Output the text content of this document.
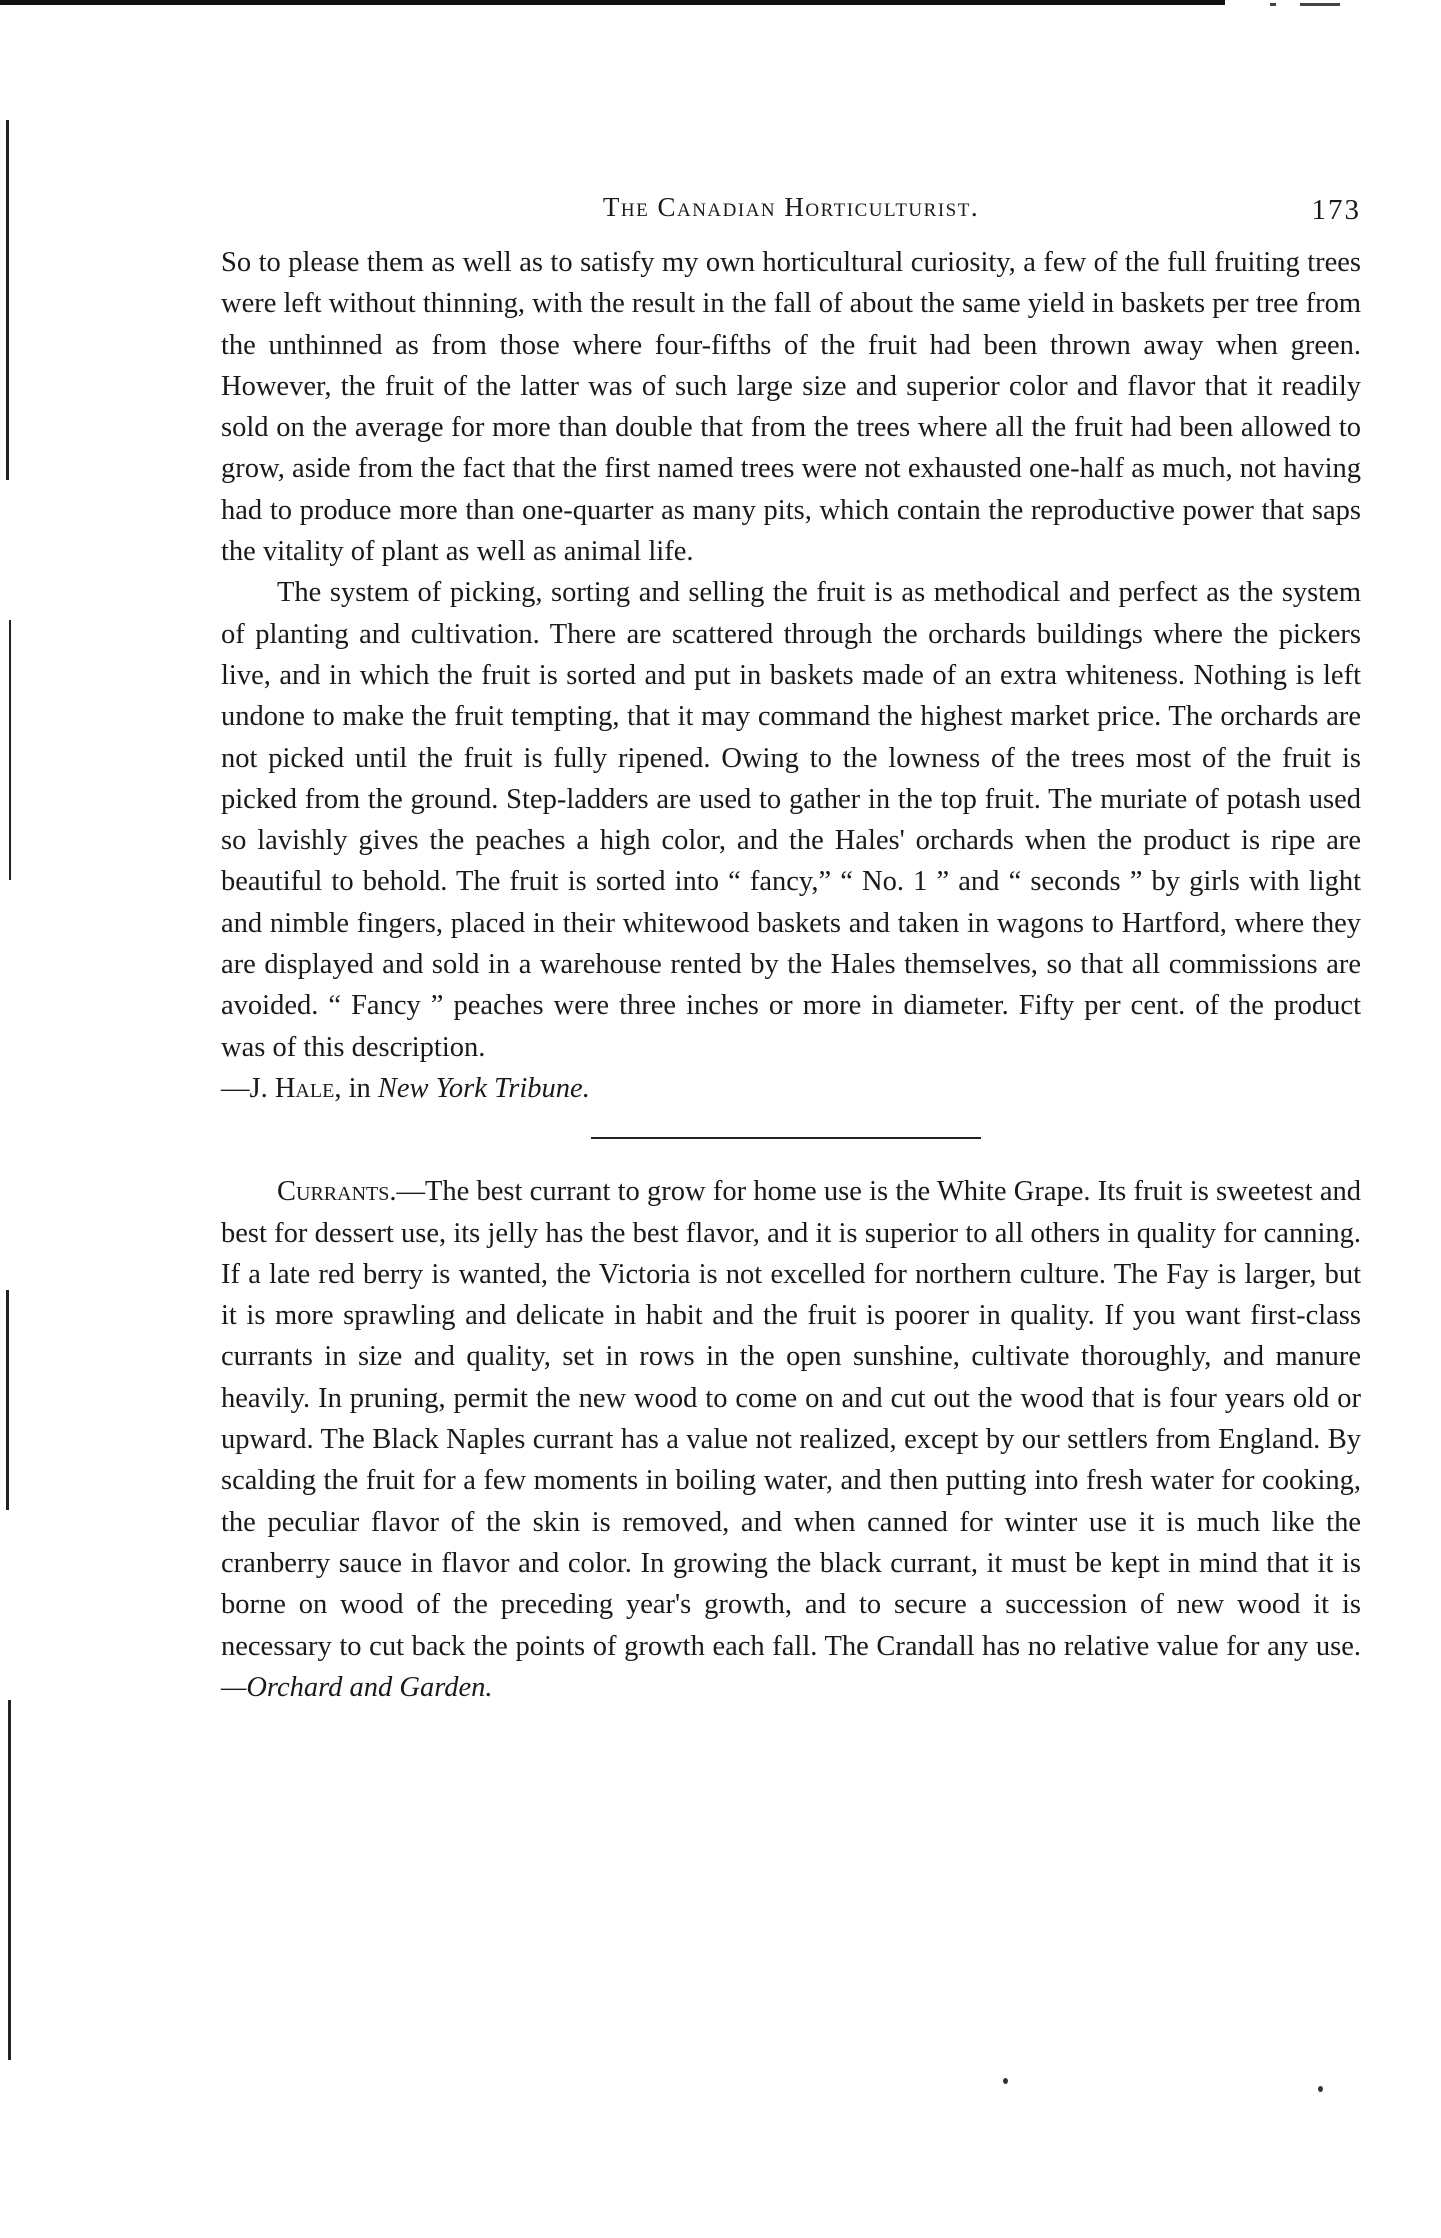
The Canadian Horticulturist.	173

So to please them as well as to satisfy my own horticultural curiosity, a few of the full fruiting trees were left without thinning, with the result in the fall of about the same yield in baskets per tree from the unthinned as from those where four-fifths of the fruit had been thrown away when green. However, the fruit of the latter was of such large size and superior color and flavor that it readily sold on the average for more than double that from the trees where all the fruit had been allowed to grow, aside from the fact that the first named trees were not exhausted one-half as much, not having had to produce more than one-quarter as many pits, which contain the reproductive power that saps the vitality of plant as well as animal life.

The system of picking, sorting and selling the fruit is as methodical and perfect as the system of planting and cultivation. There are scattered through the orchards buildings where the pickers live, and in which the fruit is sorted and put in baskets made of an extra whiteness. Nothing is left undone to make the fruit tempting, that it may command the highest market price. The orchards are not picked until the fruit is fully ripened. Owing to the lowness of the trees most of the fruit is picked from the ground. Step-ladders are used to gather in the top fruit. The muriate of potash used so lavishly gives the peaches a high color, and the Hales' orchards when the product is ripe are beautiful to behold. The fruit is sorted into “ fancy,” “ No. 1 ” and “ seconds ” by girls with light and nimble fingers, placed in their whitewood baskets and taken in wagons to Hartford, where they are displayed and sold in a warehouse rented by the Hales themselves, so that all commissions are avoided. “ Fancy ” peaches were three inches or more in diameter. Fifty per cent. of the product was of this description.
—J. Hale, in New York Tribune.

Currants.—The best currant to grow for home use is the White Grape. Its fruit is sweetest and best for dessert use, its jelly has the best flavor, and it is superior to all others in quality for canning. If a late red berry is wanted, the Victoria is not excelled for northern culture. The Fay is larger, but it is more sprawling and delicate in habit and the fruit is poorer in quality. If you want first-class currants in size and quality, set in rows in the open sunshine, cultivate thoroughly, and manure heavily. In pruning, permit the new wood to come on and cut out the wood that is four years old or upward. The Black Naples currant has a value not realized, except by our settlers from England. By scalding the fruit for a few moments in boiling water, and then putting into fresh water for cooking, the peculiar flavor of the skin is removed, and when canned for winter use it is much like the cranberry sauce in flavor and color. In growing the black currant, it must be kept in mind that it is borne on wood of the preceding year's growth, and to secure a succession of new wood it is necessary to cut back the points of growth each fall. The Crandall has no relative value for any use.—Orchard and Garden.
